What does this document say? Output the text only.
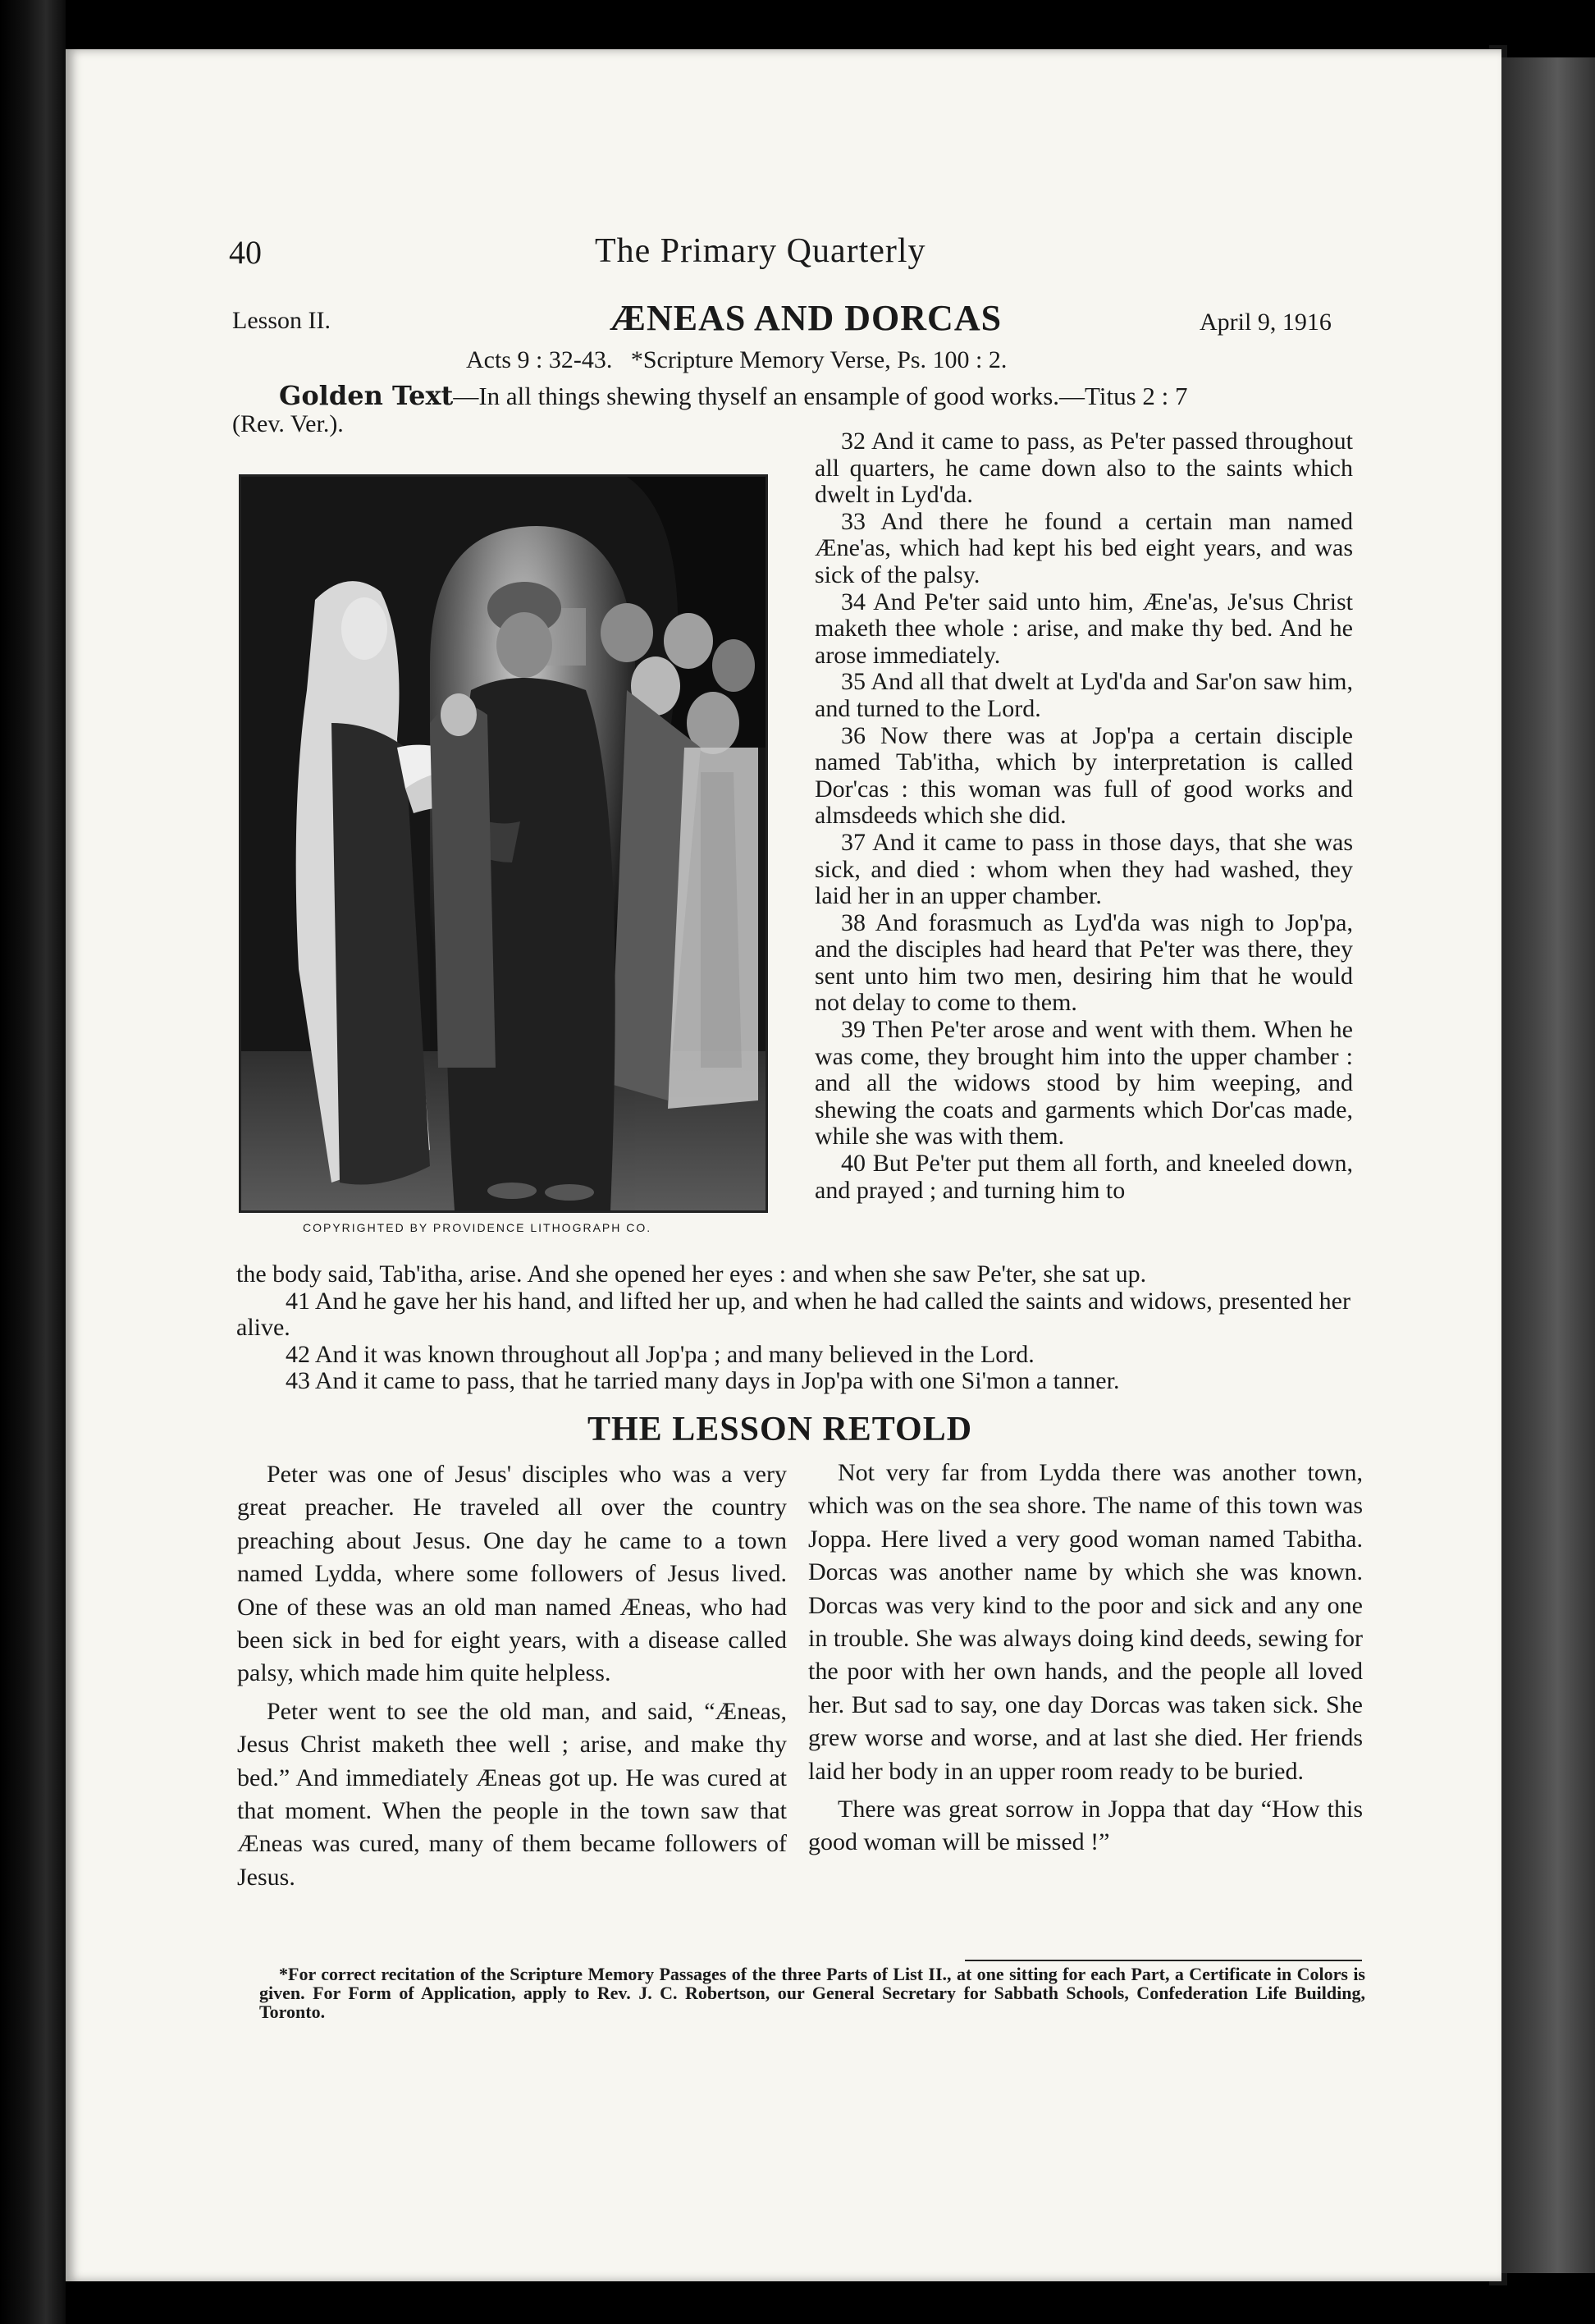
40	The Primary Quarterly
Lesson II.	ÆNEAS AND DORCAS	April 9, 1916
Acts 9 : 32-43.   *Scripture Memory Verse, Ps. 100 : 2.
Golden Text—In all things shewing thyself an ensample of good works.—Titus 2 : 7
(Rev. Ver.).
COPYRIGHTED BY PROVIDENCE LITHOGRAPH CO.

32 And it came to pass, as Pe'ter passed throughout all quarters, he came down also to the saints which dwelt in Lyd'da.

33 And there he found a certain man named Æne'as, which had kept his bed eight years, and was sick of the palsy.

34 And Pe'ter said unto him, Æne'as, Je'sus Christ maketh thee whole : arise, and make thy bed. And he arose immediately.

35 And all that dwelt at Lyd'da and Sar'on saw him, and turned to the Lord.

36 Now there was at Jop'pa a certain disciple named Tab'itha, which by interpretation is called Dor'cas : this woman was full of good works and almsdeeds which she did.

37 And it came to pass in those days, that she was sick, and died : whom when they had washed, they laid her in an upper chamber.

38 And forasmuch as Lyd'da was nigh to Jop'pa, and the disciples had heard that Pe'ter was there, they sent unto him two men, desiring him that he would not delay to come to them.

39 Then Pe'ter arose and went with them. When he was come, they brought him into the upper chamber : and all the widows stood by him weeping, and shewing the coats and garments which Dor'cas made, while she was with them.

40 But Pe'ter put them all forth, and kneeled down, and prayed ; and turning him to

the body said, Tab'itha, arise. And she opened her eyes : and when she saw Pe'ter, she sat up.

41 And he gave her his hand, and lifted her up, and when he had called the saints and widows, presented her alive.

42 And it was known throughout all Jop'pa ; and many believed in the Lord.

43 And it came to pass, that he tarried many days in Jop'pa with one Si'mon a tanner.

THE LESSON RETOLD

Peter was one of Jesus' disciples who was a very great preacher. He traveled all over the country preaching about Jesus. One day he came to a town named Lydda, where some followers of Jesus lived. One of these was an old man named Æneas, who had been sick in bed for eight years, with a disease called palsy, which made him quite helpless.

Peter went to see the old man, and said, “Æneas, Jesus Christ maketh thee well ; arise, and make thy bed.” And immediately Æneas got up. He was cured at that moment. When the people in the town saw that Æneas was cured, many of them became followers of Jesus.

Not very far from Lydda there was another town, which was on the sea shore. The name of this town was Joppa. Here lived a very good woman named Tabitha. Dorcas was another name by which she was known. Dorcas was very kind to the poor and sick and any one in trouble. She was always doing kind deeds, sewing for the poor with her own hands, and the people all loved her. But sad to say, one day Dorcas was taken sick. She grew worse and worse, and at last she died. Her friends laid her body in an upper room ready to be buried.

There was great sorrow in Joppa that day “How this good woman will be missed !”

*For correct recitation of the Scripture Memory Passages of the three Parts of List II., at one sitting for each Part, a Certificate in Colors is given. For Form of Application, apply to Rev. J. C. Robertson, our General Secretary for Sabbath Schools, Confederation Life Building, Toronto.
